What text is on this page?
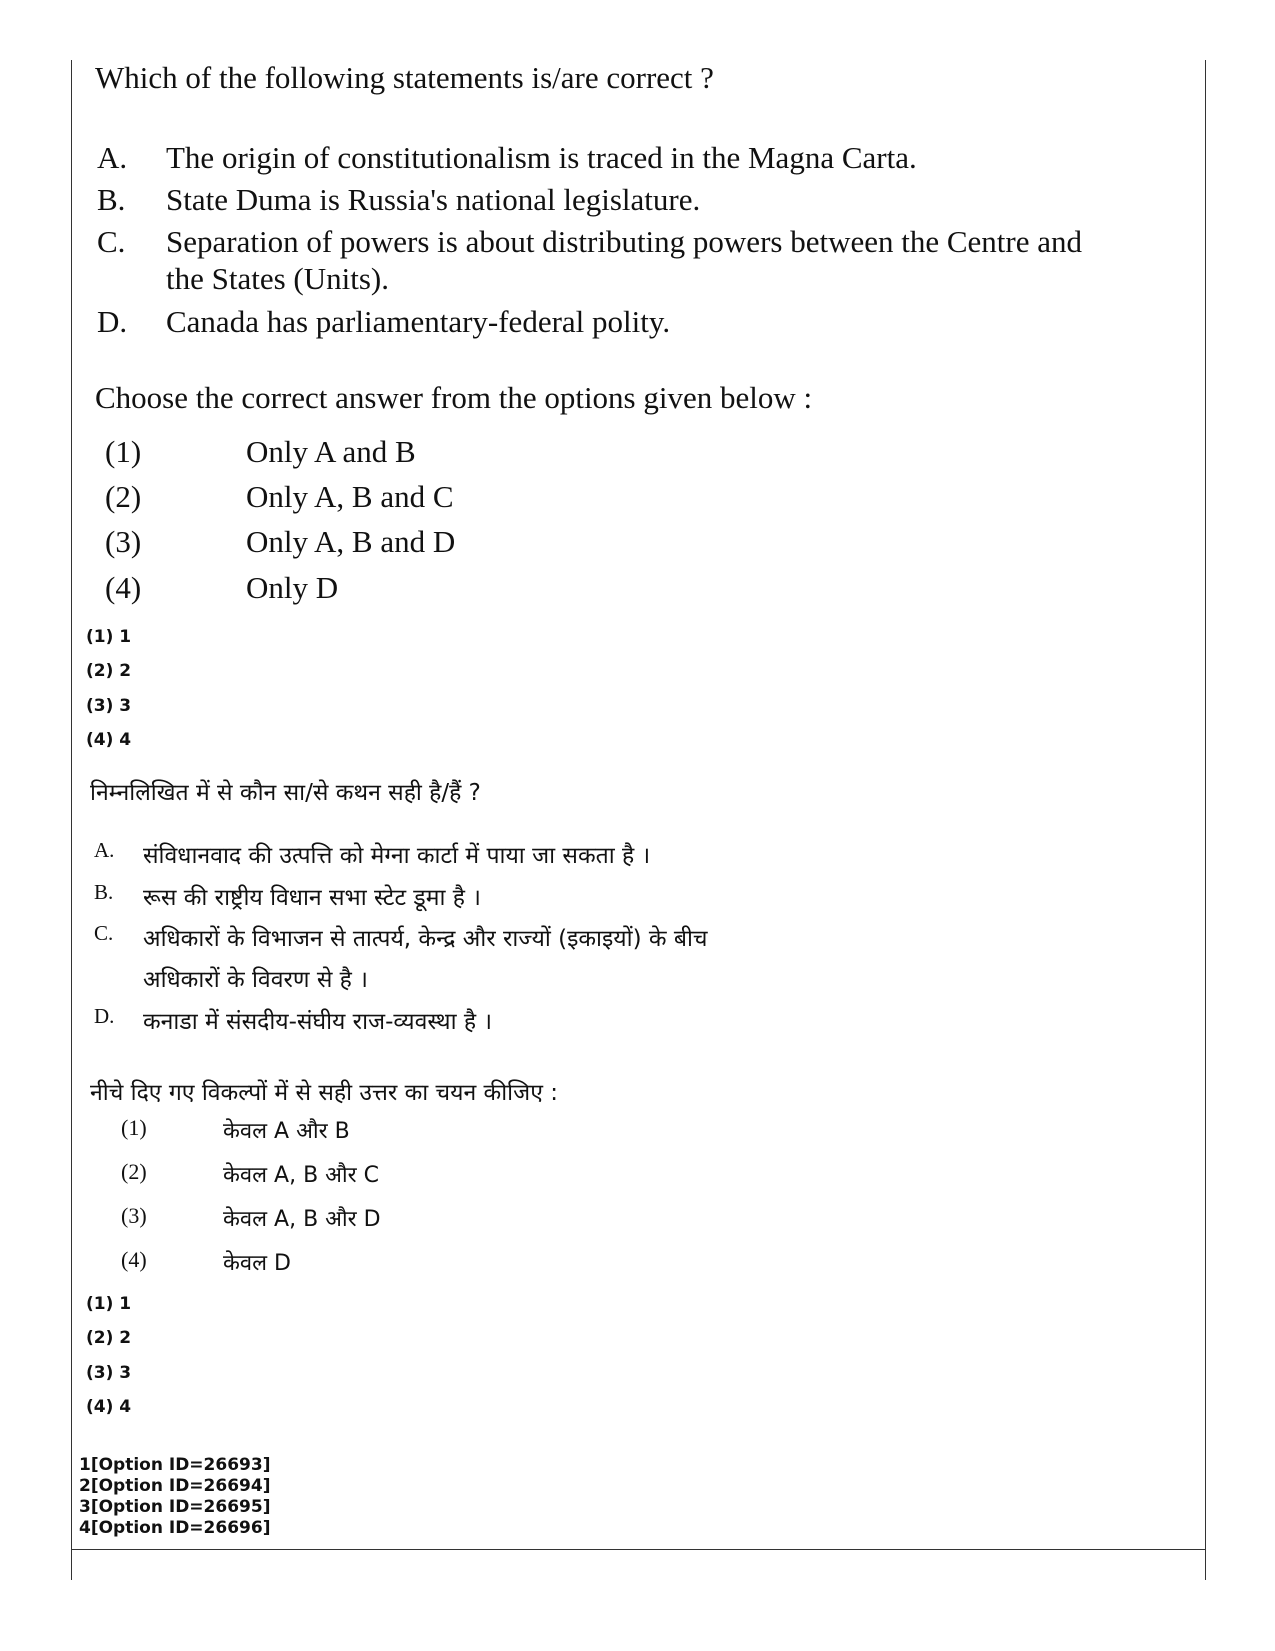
Which of the following statements is/are correct ?
A. The origin of constitutionalism is traced in the Magna Carta.
B. State Duma is Russia's national legislature.
C. Separation of powers is about distributing powers between the Centre and
the States (Units).
D. Canada has parliamentary-federal polity.
Choose the correct answer from the options given below :
(1)	Only A and B
(2)	Only A, B and C
(3)	Only A, B and D
(4)	Only D
(1) 1
(2) 2
(3) 3
(4) 4
निम्नलिखित में से कौन सा/से कथन सही है/हैं ?
A. संविधानवाद की उत्पत्ति को मेग्ना कार्टा में पाया जा सकता है ।
B. रूस की राष्ट्रीय विधान सभा स्टेट डूमा है ।
C. अधिकारों के विभाजन से तात्पर्य, केन्द्र और राज्यों (इकाइयों) के बीच
अधिकारों के विवरण से है ।
D. कनाडा में संसदीय-संघीय राज-व्यवस्था है ।
नीचे दिए गए विकल्पों में से सही उत्तर का चयन कीजिए :
(1)	केवल A और B
(2)	केवल A, B और C
(3)	केवल A, B और D
(4)	केवल D
(1) 1
(2) 2
(3) 3
(4) 4
1[Option ID=26693]
2[Option ID=26694]
3[Option ID=26695]
4[Option ID=26696]
